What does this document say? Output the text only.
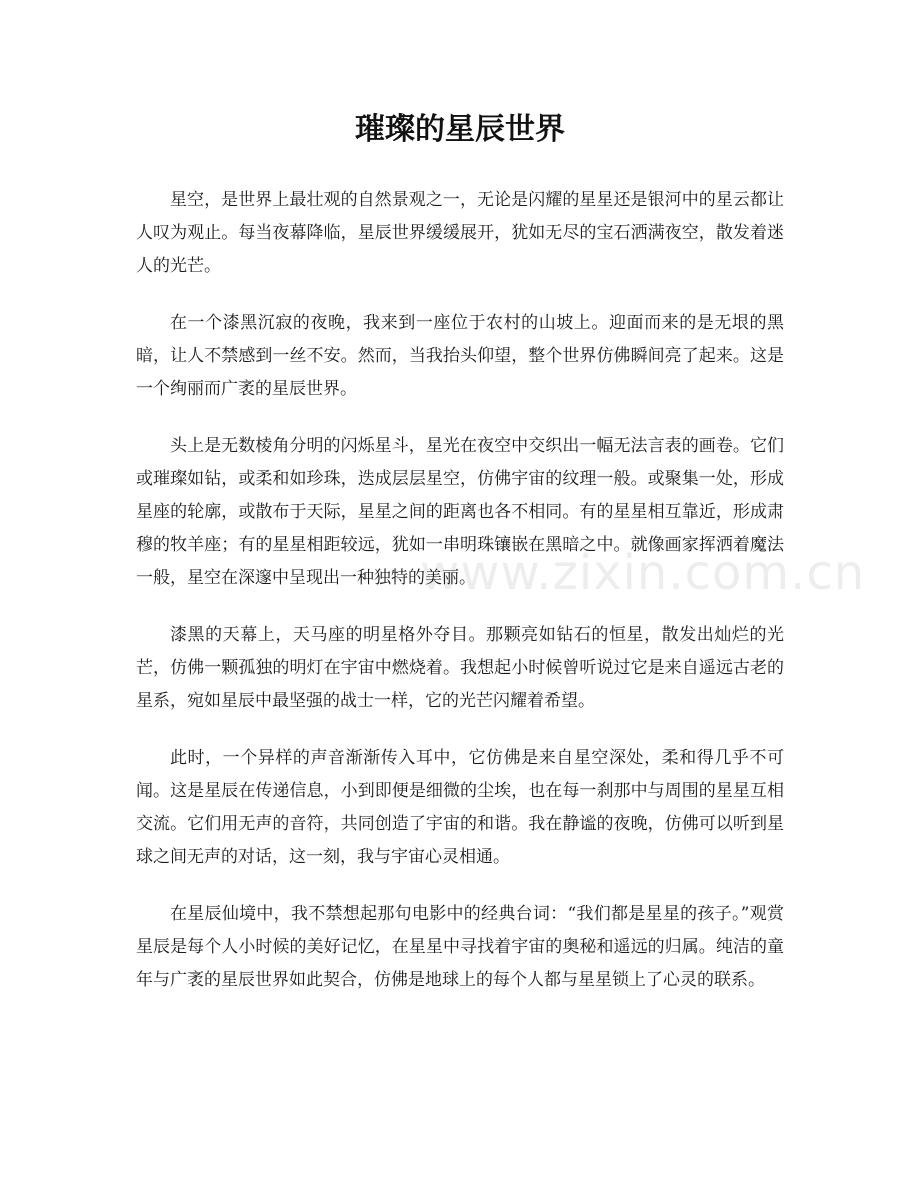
璀璨的星辰世界

星空，是世界上最壮观的自然景观之一，无论是闪耀的星星还是银河中的星云都让人叹为观止。每当夜幕降临，星辰世界缓缓展开，犹如无尽的宝石洒满夜空，散发着迷人的光芒。

在一个漆黑沉寂的夜晚，我来到一座位于农村的山坡上。迎面而来的是无垠的黑暗，让人不禁感到一丝不安。然而，当我抬头仰望，整个世界仿佛瞬间亮了起来。这是一个绚丽而广袤的星辰世界。

头上是无数棱角分明的闪烁星斗，星光在夜空中交织出一幅无法言表的画卷。它们或璀璨如钻，或柔和如珍珠，迭成层层星空，仿佛宇宙的纹理一般。或聚集一处，形成星座的轮廓，或散布于天际，星星之间的距离也各不相同。有的星星相互靠近，形成肃穆的牧羊座；有的星星相距较远，犹如一串明珠镶嵌在黑暗之中。就像画家挥洒着魔法一般，星空在深邃中呈现出一种独特的美丽。

漆黑的天幕上，天马座的明星格外夺目。那颗亮如钻石的恒星，散发出灿烂的光芒，仿佛一颗孤独的明灯在宇宙中燃烧着。我想起小时候曾听说过它是来自遥远古老的星系，宛如星辰中最坚强的战士一样，它的光芒闪耀着希望。

此时，一个异样的声音渐渐传入耳中，它仿佛是来自星空深处，柔和得几乎不可闻。这是星辰在传递信息，小到即便是细微的尘埃，也在每一刹那中与周围的星星互相交流。它们用无声的音符，共同创造了宇宙的和谐。我在静谧的夜晚，仿佛可以听到星球之间无声的对话，这一刻，我与宇宙心灵相通。

在星辰仙境中，我不禁想起那句电影中的经典台词：“我们都是星星的孩子。”观赏星辰是每个人小时候的美好记忆，在星星中寻找着宇宙的奥秘和遥远的归属。纯洁的童年与广袤的星辰世界如此契合，仿佛是地球上的每个人都与星星锁上了心灵的联系。

www.zixin.com.cn
